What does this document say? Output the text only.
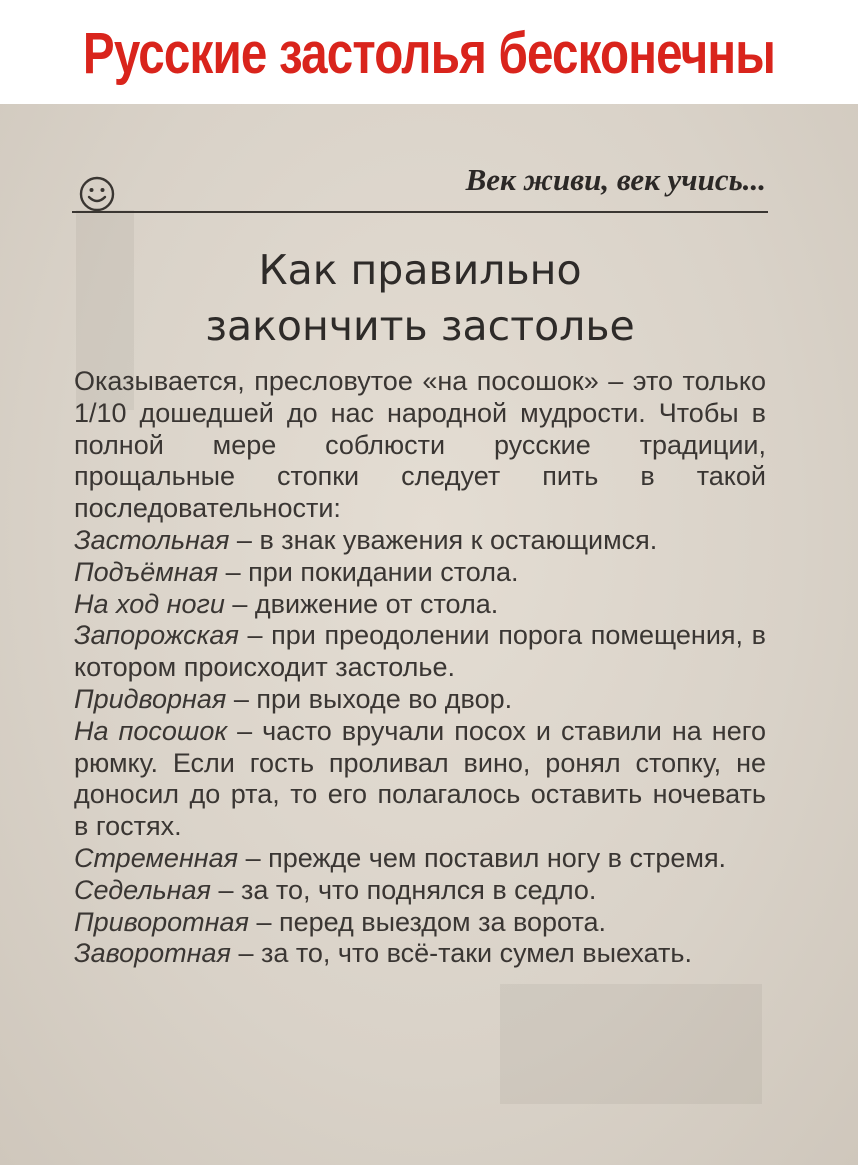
Русские застолья бесконечны
Век живи, век учись...
Как правильно
закончить застолье

Оказывается, пресловутое «на посошок» – это только 1/10 дошедшей до нас народной мудрости. Чтобы в полной мере соблюсти русские традиции, прощальные стопки следует пить в такой последовательности:

Застольная – в знак уважения к остающимся.

Подъёмная – при покидании стола.

На ход ноги – движение от стола.

Запорожская – при преодолении порога помещения, в котором происходит застолье.

Придворная – при выходе во двор.

На посошок – часто вручали посох и ставили на него рюмку. Если гость проливал вино, ронял стопку, не доносил до рта, то его полагалось оставить ночевать в гостях.

Стременная – прежде чем поставил ногу в стремя.

Седельная – за то, что поднялся в седло.

Приворотная – перед выездом за ворота.

Заворотная – за то, что всё-таки сумел выехать.
